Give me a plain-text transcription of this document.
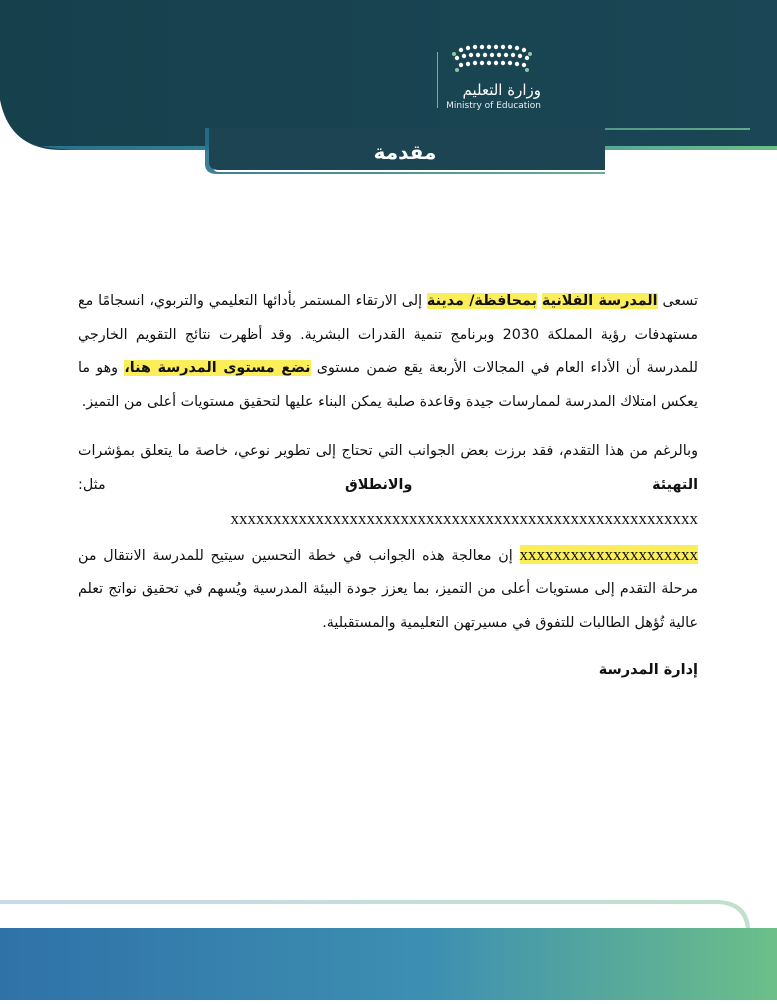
وزارة التعليم
Ministry of Education
مقدمة

تسعى المدرسة الفلانية بمحافظة/ مدينة إلى الارتقاء المستمر بأدائها التعليمي والتربوي، انسجامًا مع مستهدفات رؤية المملكة 2030 وبرنامج تنمية القدرات البشرية. وقد أظهرت نتائج التقويم الخارجي للمدرسة أن الأداء العام في المجالات الأربعة يقع ضمن مستوى نضع مستوى المدرسة هنا، وهو ما يعكس امتلاك المدرسة لممارسات جيدة وقاعدة صلبة يمكن البناء عليها لتحقيق مستويات أعلى من التميز.

وبالرغم من هذا التقدم، فقد برزت بعض الجوانب التي تحتاج إلى تطوير نوعي، خاصة ما يتعلق بمؤشرات التهيئة والانطلاق مثل: xxxxxxxxxxxxxxxxxxxxxxxxxxxxxxxxxxxxxxxxxxxxxxxxxxxxxxx xxxxxxxxxxxxxxxxxxxxx إن معالجة هذه الجوانب في خطة التحسين سيتيح للمدرسة الانتقال من مرحلة التقدم إلى مستويات أعلى من التميز، بما يعزز جودة البيئة المدرسية ويُسهم في تحقيق نواتج تعلم عالية تُؤهل الطالبات للتفوق في مسيرتهن التعليمية والمستقبلية.

إدارة المدرسة
